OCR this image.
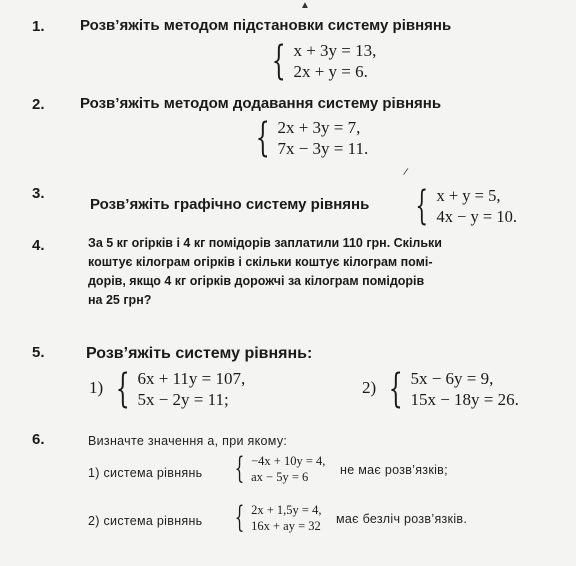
1. Розв’яжіть методом підстановки систему рівнянь
{ x + 3y = 13,
2x + y = 6.
2. Розв’яжіть методом додавання систему рівнянь
{ 2x + 3y = 7,
7x − 3y = 11.
▲
/
3.
Розв’яжіть графічно систему рівнянь { x + y = 5,
4x − y = 10.
4.	За 5 кг огірків і 4 кг помідорів заплатили 110 грн. Скільки
коштує кілограм огірків і скільки коштує кілограм помі-
дорів, якщо 4 кг огірків дорожчі за кілограм помідорів
на 25 грн?
5.	Розв’яжіть систему рівнянь:
1) { 6x + 11y = 107,
5x − 2y = 11;
2) { 5x − 6y = 9,
15x − 18y = 26.
6.	Визначте значення a, при якому:
1) система рівнянь { −4x + 10y = 4,
ax − 5y = 6	не має розв’язків;
2) система рівнянь { 2x + 1,5y = 4,
16x + ay = 32 має безліч розв’язків.
